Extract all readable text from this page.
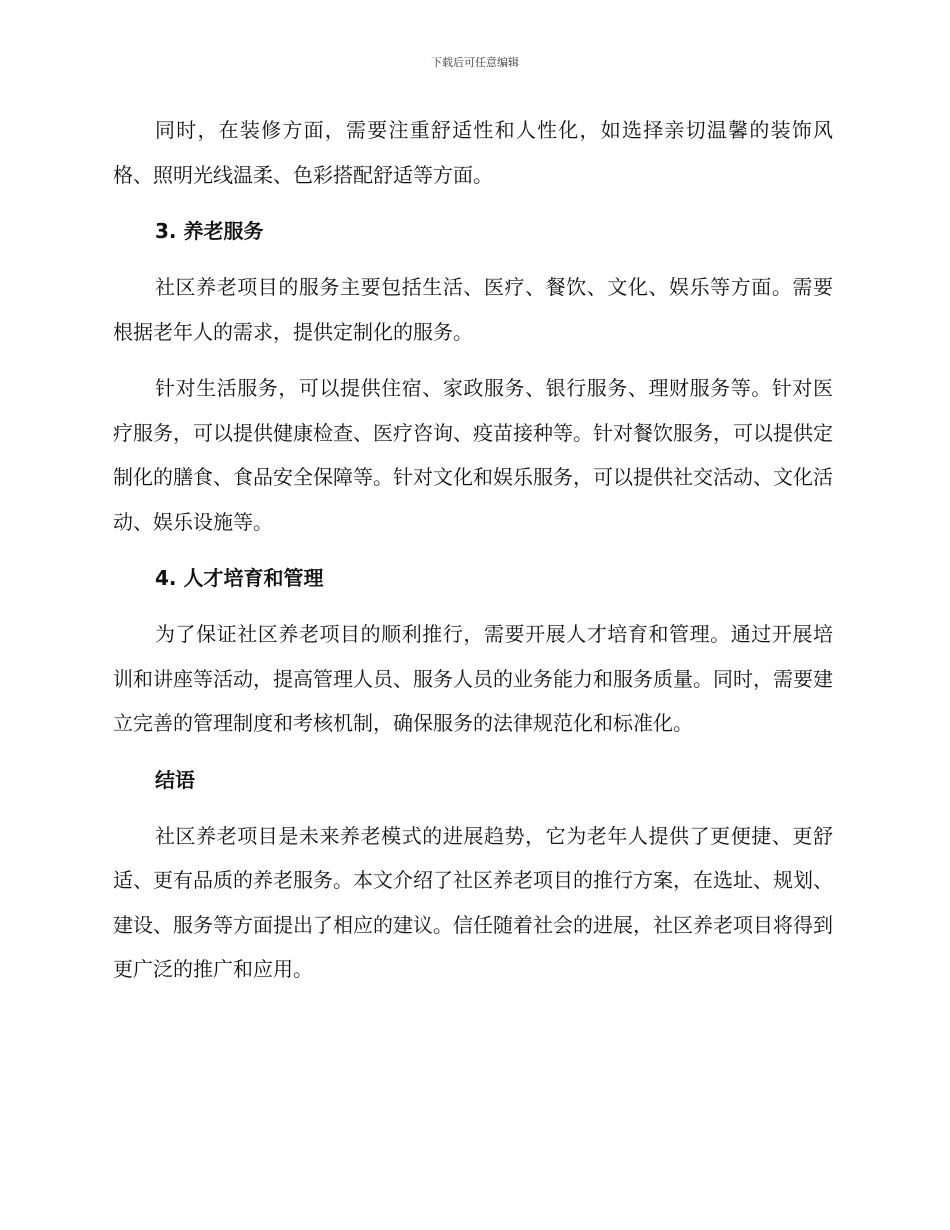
下载后可任意编辑

同时，在装修方面，需要注重舒适性和人性化，如选择亲切温馨的装饰风格、照明光线温柔、色彩搭配舒适等方面。

3. 养老服务

社区养老项目的服务主要包括生活、医疗、餐饮、文化、娱乐等方面。需要根据老年人的需求，提供定制化的服务。

针对生活服务，可以提供住宿、家政服务、银行服务、理财服务等。针对医疗服务，可以提供健康检查、医疗咨询、疫苗接种等。针对餐饮服务，可以提供定制化的膳食、食品安全保障等。针对文化和娱乐服务，可以提供社交活动、文化活动、娱乐设施等。

4. 人才培育和管理

为了保证社区养老项目的顺利推行，需要开展人才培育和管理。通过开展培训和讲座等活动，提高管理人员、服务人员的业务能力和服务质量。同时，需要建立完善的管理制度和考核机制，确保服务的法律规范化和标准化。

结语

社区养老项目是未来养老模式的进展趋势，它为老年人提供了更便捷、更舒适、更有品质的养老服务。本文介绍了社区养老项目的推行方案，在选址、规划、建设、服务等方面提出了相应的建议。信任随着社会的进展，社区养老项目将得到更广泛的推广和应用。
